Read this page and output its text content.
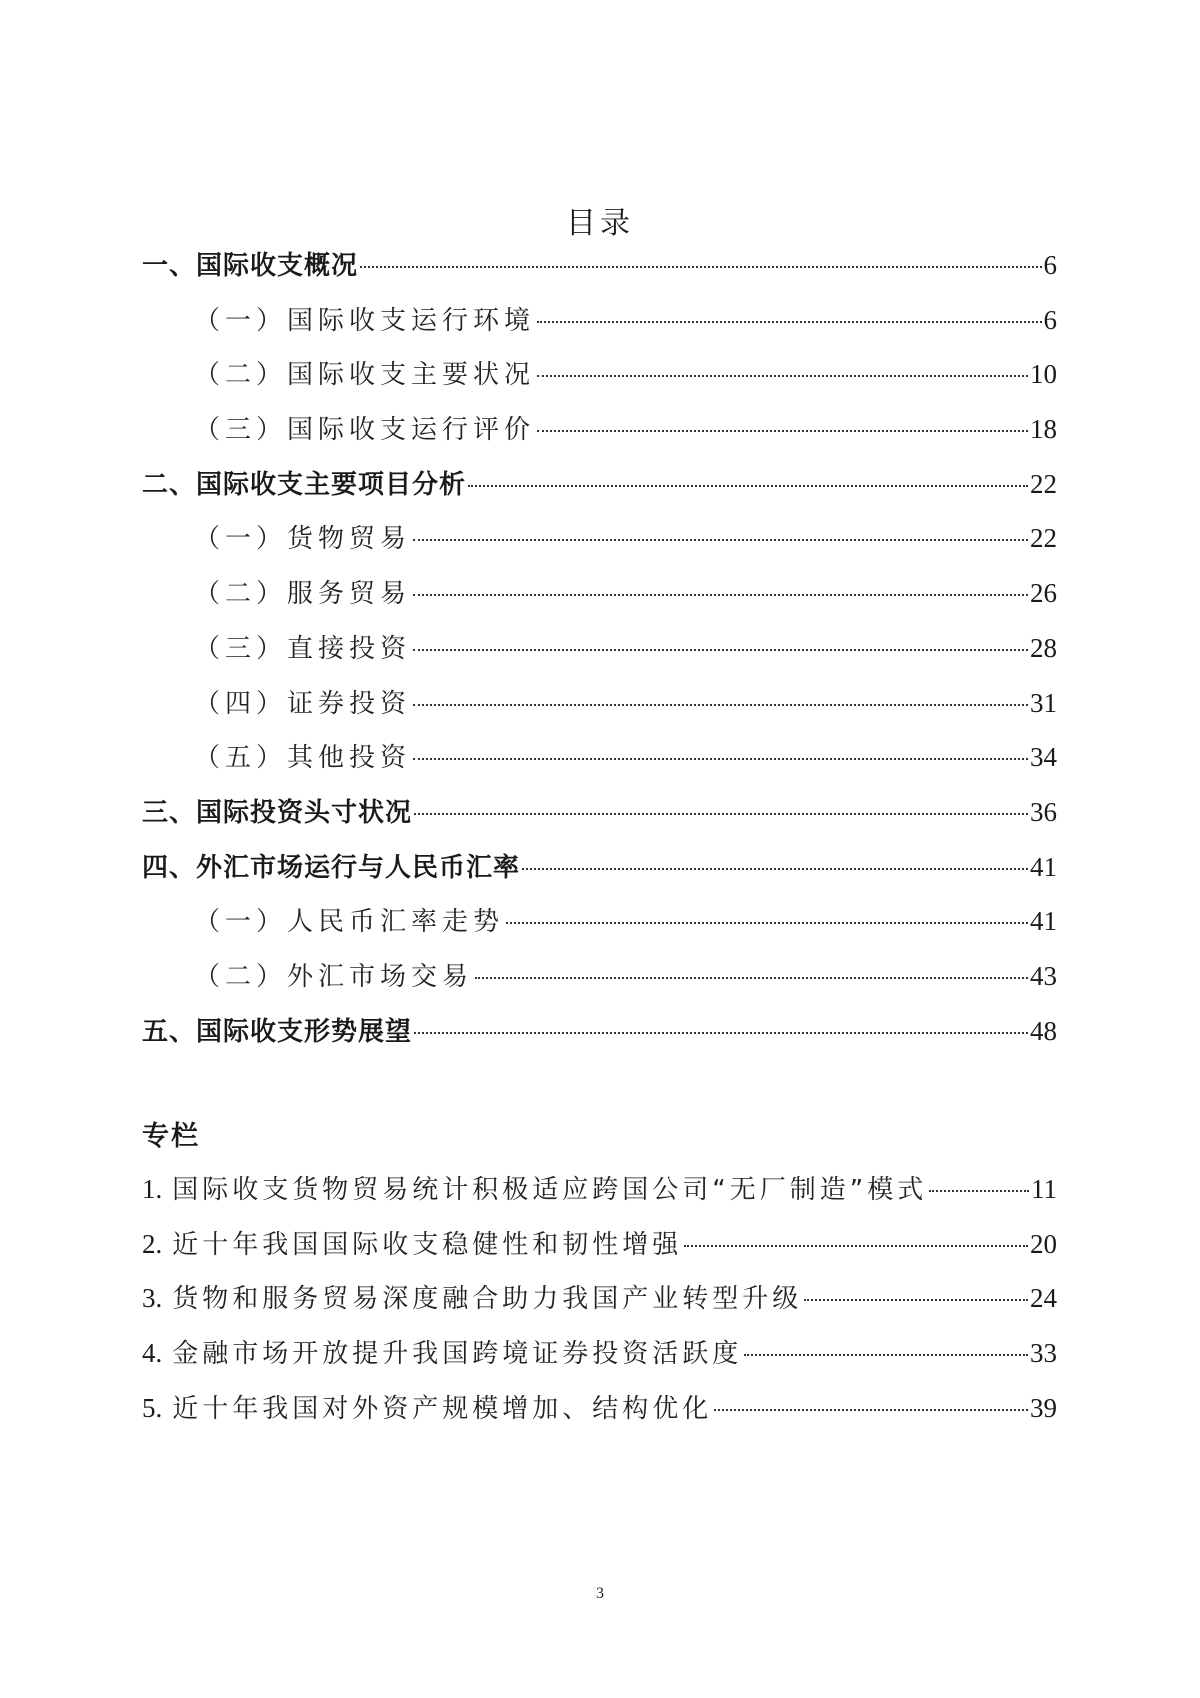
目录
一、国际收支概况	6
（一）国际收支运行环境	6
（二）国际收支主要状况	10
（三）国际收支运行评价	18
二、国际收支主要项目分析	22
（一）货物贸易	22
（二）服务贸易	26
（三）直接投资	28
（四）证券投资	31
（五）其他投资	34
三、国际投资头寸状况	36
四、外汇市场运行与人民币汇率	41
（一）人民币汇率走势	41
（二）外汇市场交易	43
五、国际收支形势展望	48
专栏
1. 国际收支货物贸易统计积极适应跨国公司“无厂制造”模式	11
2. 近十年我国国际收支稳健性和韧性增强	20
3. 货物和服务贸易深度融合助力我国产业转型升级	24
4. 金融市场开放提升我国跨境证券投资活跃度	33
5. 近十年我国对外资产规模增加、结构优化	39
3
